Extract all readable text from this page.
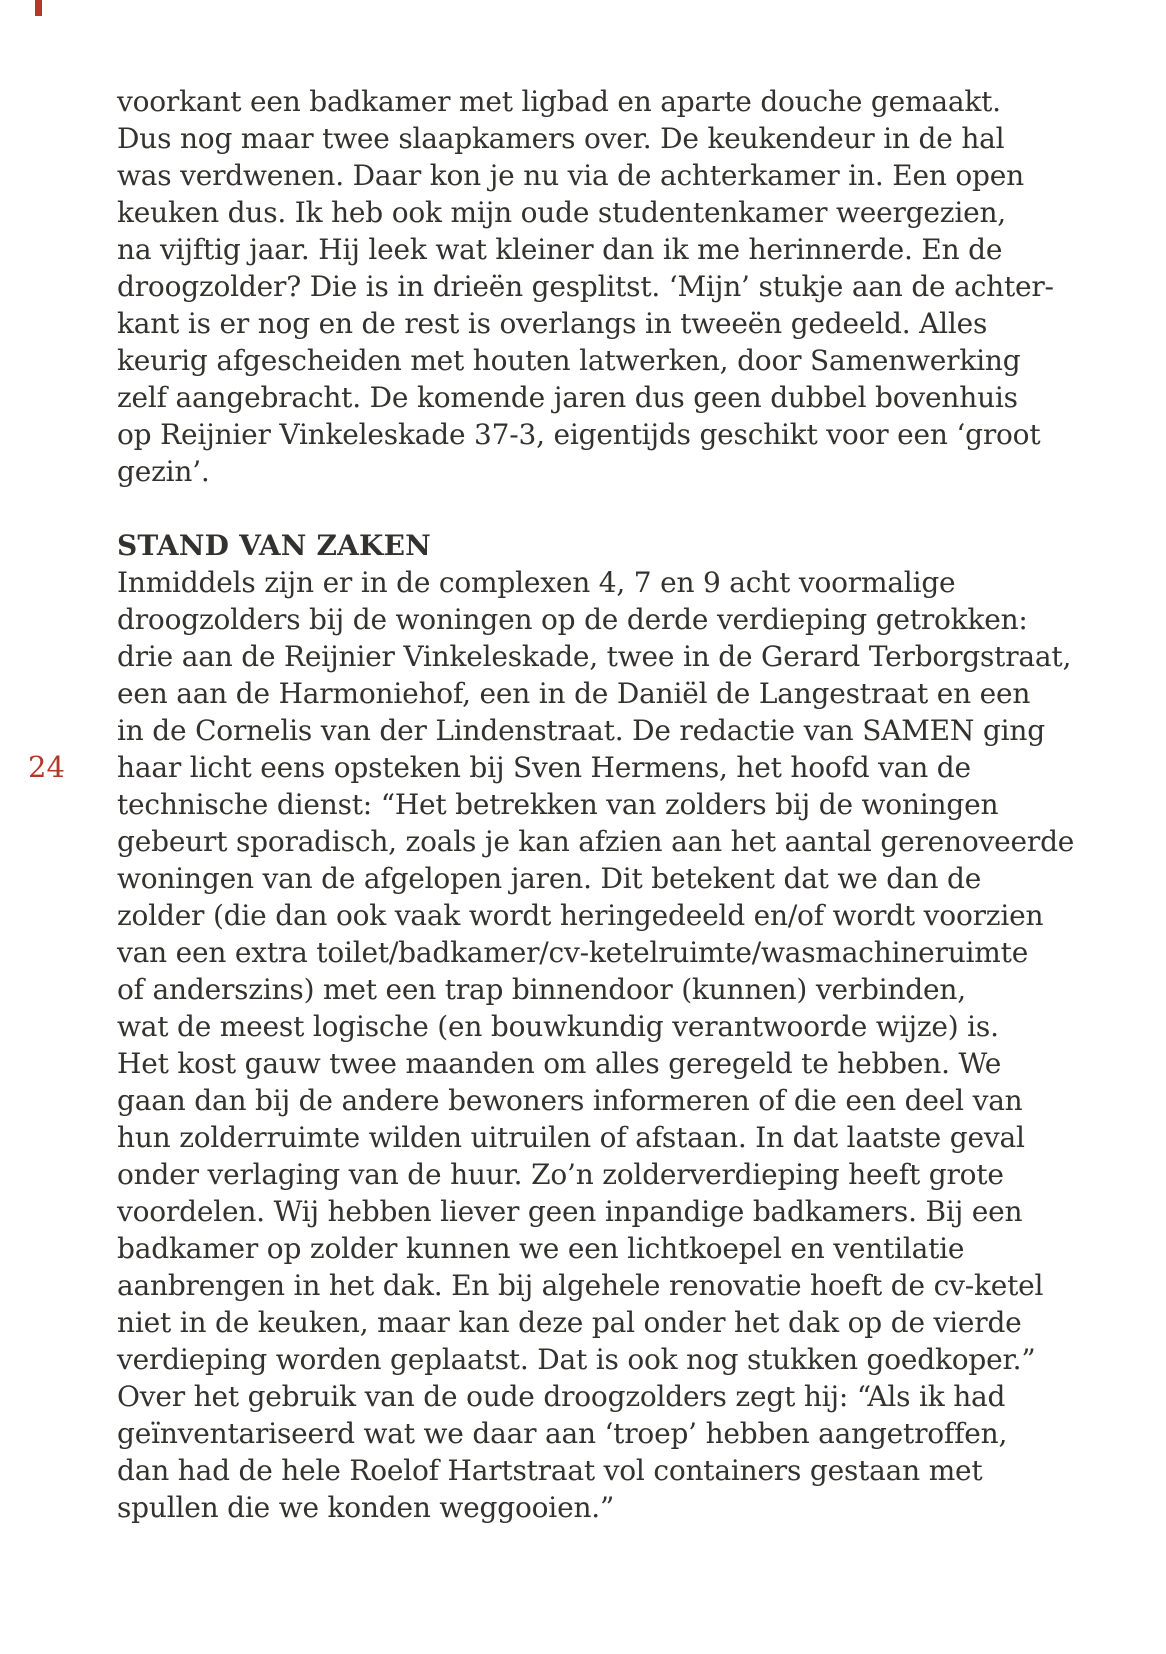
24
voorkant een badkamer met ligbad en aparte douche gemaakt.
Dus nog maar twee slaapkamers over. De keukendeur in de hal
was verdwenen. Daar kon je nu via de achterkamer in. Een open
keuken dus. Ik heb ook mijn oude studentenkamer weergezien,
na vijftig jaar. Hij leek wat kleiner dan ik me herinnerde. En de
droogzolder? Die is in drieën gesplitst. ‘Mijn’ stukje aan de achter-
kant is er nog en de rest is overlangs in tweeën gedeeld. Alles
keurig afgescheiden met houten latwerken, door Samenwerking
zelf aangebracht. De komende jaren dus geen dubbel bovenhuis
op Reijnier Vinkeleskade 37-3, eigentijds geschikt voor een ‘groot
gezin’.
STAND VAN ZAKEN
Inmiddels zijn er in de complexen 4, 7 en 9 acht voormalige
droogzolders bij de woningen op de derde verdieping getrokken:
drie aan de Reijnier Vinkeleskade, twee in de Gerard Terborgstraat,
een aan de Harmoniehof, een in de Daniël de Langestraat en een
in de Cornelis van der Lindenstraat. De redactie van SAMEN ging
haar licht eens opsteken bij Sven Hermens, het hoofd van de
technische dienst: “Het betrekken van zolders bij de woningen
gebeurt sporadisch, zoals je kan afzien aan het aantal gerenoveerde
woningen van de afgelopen jaren. Dit betekent dat we dan de
zolder (die dan ook vaak wordt heringedeeld en/of wordt voorzien
van een extra toilet/badkamer/cv-ketelruimte/wasmachineruimte
of anderszins) met een trap binnendoor (kunnen) verbinden,
wat de meest logische (en bouwkundig verantwoorde wijze) is.
Het kost gauw twee maanden om alles geregeld te hebben. We
gaan dan bij de andere bewoners informeren of die een deel van
hun zolderruimte wilden uitruilen of afstaan. In dat laatste geval
onder verlaging van de huur. Zo’n zolderverdieping heeft grote
voordelen. Wij hebben liever geen inpandige badkamers. Bij een
badkamer op zolder kunnen we een lichtkoepel en ventilatie
aanbrengen in het dak. En bij algehele renovatie hoeft de cv-ketel
niet in de keuken, maar kan deze pal onder het dak op de vierde
verdieping worden geplaatst. Dat is ook nog stukken goedkoper.”
Over het gebruik van de oude droogzolders zegt hij: “Als ik had
geïnventariseerd wat we daar aan ‘troep’ hebben aangetroffen,
dan had de hele Roelof Hartstraat vol containers gestaan met
spullen die we konden weggooien.”
